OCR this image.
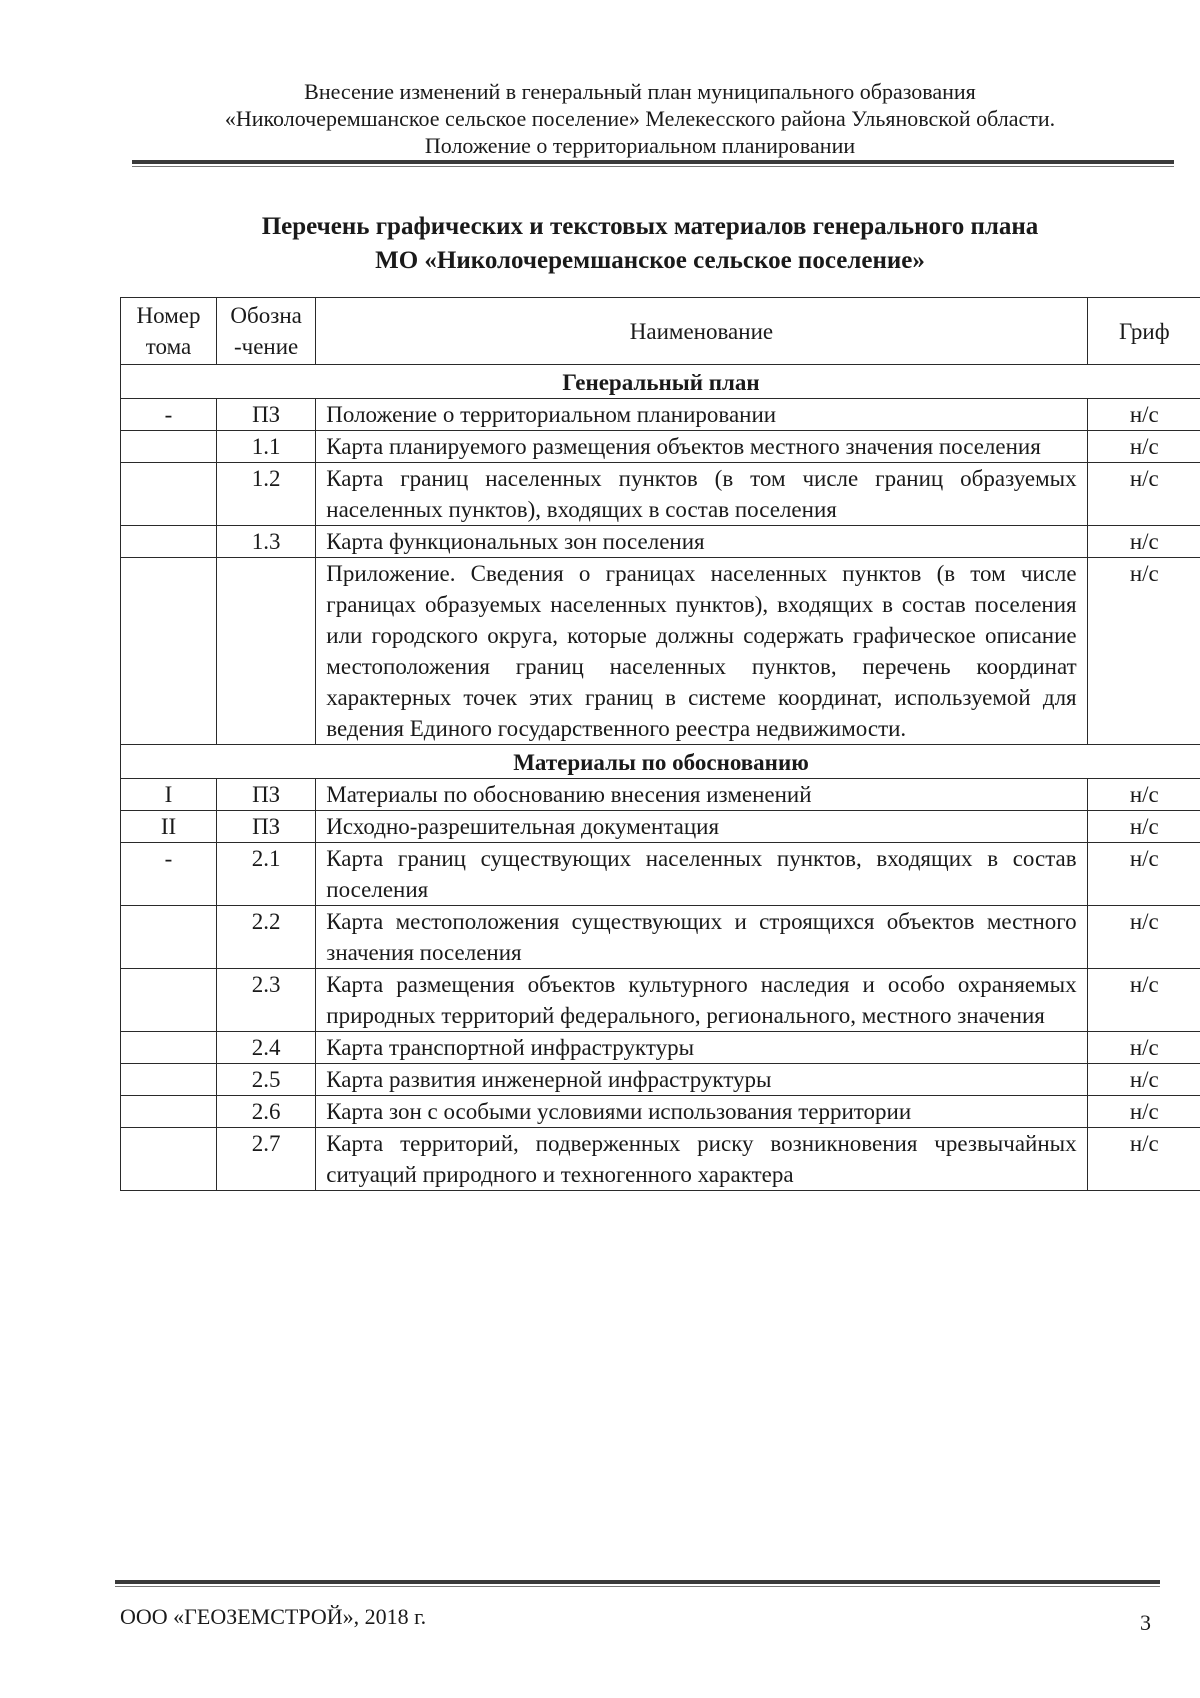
Внесение изменений в генеральный план муниципального образования
«Николочеремшанское сельское поселение» Мелекесского района Ульяновской области.
Положение о территориальном планировании
Перечень графических и текстовых материалов генерального плана
МО «Николочеремшанское сельское поселение»
Номер тома	Обозна -чение	Наименование	Гриф
Генеральный план			
-	ПЗ	Положение о территориальном планировании	н/с
	1.1	Карта планируемого размещения объектов местного значения поселения	н/с
	1.2	Карта границ населенных пунктов (в том числе границ образуемых населенных пунктов), входящих в состав поселения	н/с
	1.3	Карта функциональных зон поселения	н/с
		Приложение. Сведения о границах населенных пунктов (в том числе границах образуемых населенных пунктов), входящих в состав поселения или городского округа, которые должны содержать графическое описание местоположения границ населенных пунктов, перечень координат характерных точек этих границ в системе координат, используемой для ведения Единого государственного реестра недвижимости.	н/с
Материалы по обоснованию			
I	ПЗ	Материалы по обоснованию внесения изменений	н/с
II	ПЗ	Исходно-разрешительная документация	н/с
-	2.1	Карта границ существующих населенных пунктов, входящих в состав поселения	н/с
	2.2	Карта местоположения существующих и строящихся объектов местного значения поселения	н/с
	2.3	Карта размещения объектов культурного наследия и особо охраняемых природных территорий федерального, регионального, местного значения	н/с
	2.4	Карта транспортной инфраструктуры	н/с
	2.5	Карта развития инженерной инфраструктуры	н/с
	2.6	Карта зон с особыми условиями использования территории	н/с
	2.7	Карта территорий, подверженных риску возникновения чрезвычайных ситуаций природного и техногенного характера	н/с
ООО «ГЕОЗЕМСТРОЙ», 2018 г.	3
